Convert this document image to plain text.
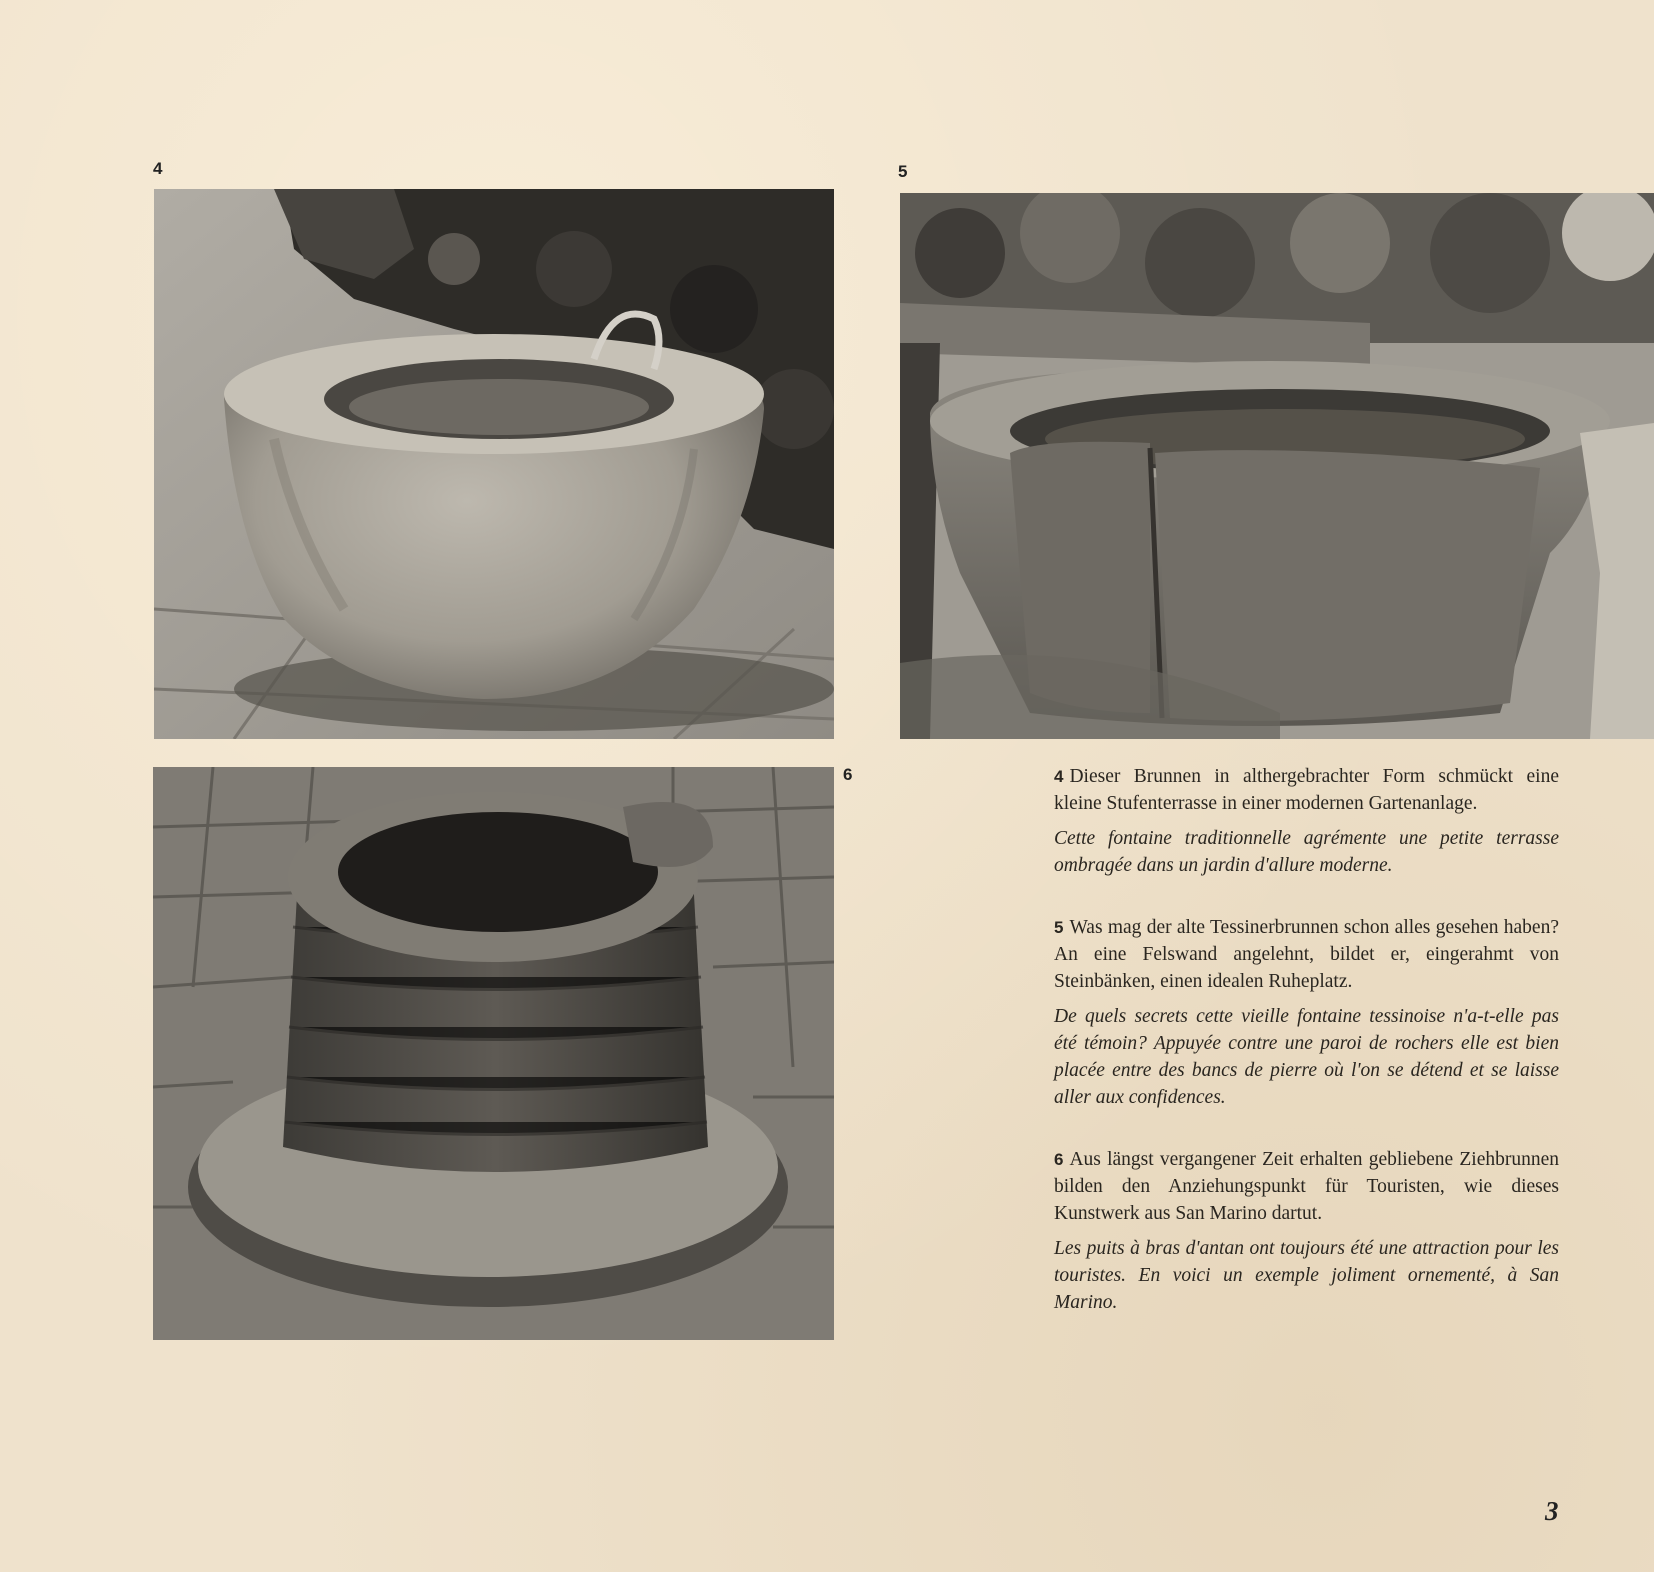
4	5
6	4 Dieser Brunnen in althergebrachter Form schmückt eine kleine Stufenterrasse in einer modernen Gartenanlage.

Cette fontaine traditionnelle agrémente une petite terrasse ombragée dans un jardin d'allure moderne.

5 Was mag der alte Tessinerbrunnen schon alles gesehen haben? An eine Felswand angelehnt, bildet er, eingerahmt von Steinbänken, einen idealen Ruheplatz.

De quels secrets cette vieille fontaine tessinoise n'a-t-elle pas été témoin? Appuyée contre une paroi de rochers elle est bien placée entre des bancs de pierre où l'on se détend et se laisse aller aux confidences.

6 Aus längst vergangener Zeit erhalten gebliebene Ziehbrunnen bilden den Anziehungspunkt für Touristen, wie dieses Kunstwerk aus San Marino dartut.

Les puits à bras d'antan ont toujours été une attraction pour les touristes. En voici un exemple joliment ornementé, à San Marino.

3
